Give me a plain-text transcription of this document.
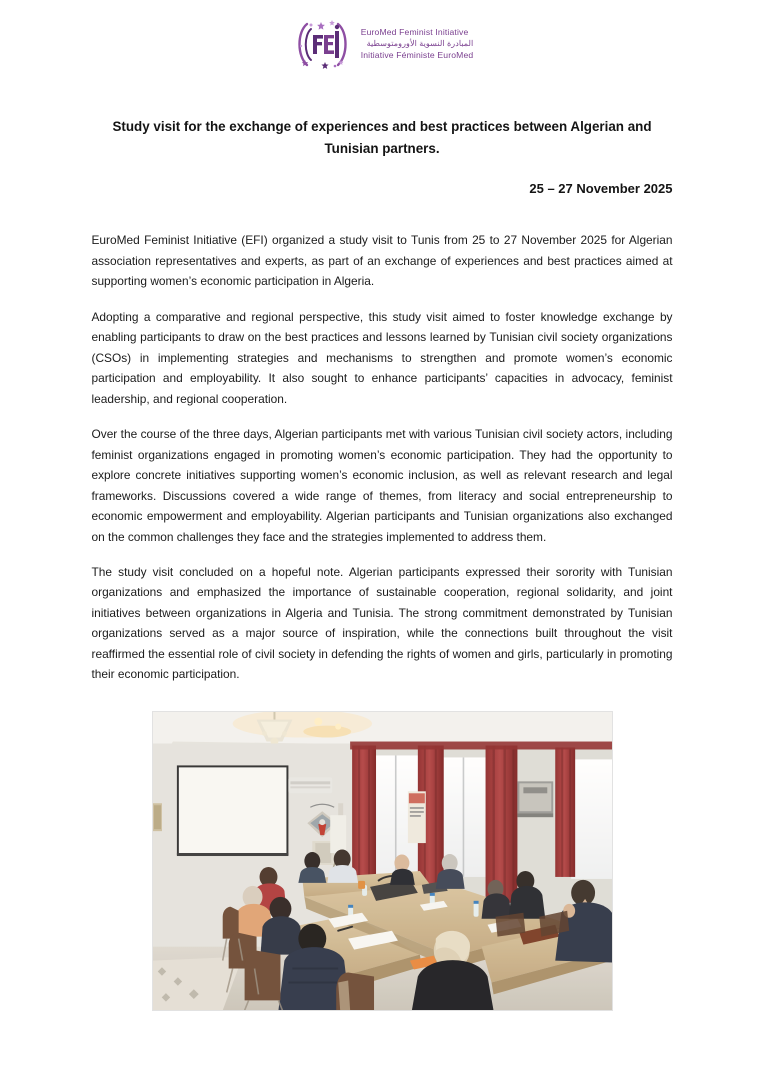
EuroMed Feminist Initiative
المبادرة النسوية الأورومتوسطية
Initiative Féministe EuroMed
Study visit for the exchange of experiences and best practices between Algerian and Tunisian partners.
25 – 27 November 2025

EuroMed Feminist Initiative (EFI) organized a study visit to Tunis from 25 to 27 November 2025 for Algerian association representatives and experts, as part of an exchange of experiences and best practices aimed at supporting women’s economic participation in Algeria.

Adopting a comparative and regional perspective, this study visit aimed to foster knowledge exchange by enabling participants to draw on the best practices and lessons learned by Tunisian civil society organizations (CSOs) in implementing strategies and mechanisms to strengthen and promote women’s economic participation and employability. It also sought to enhance participants’ capacities in advocacy, feminist leadership, and regional cooperation.

Over the course of the three days, Algerian participants met with various Tunisian civil society actors, including feminist organizations engaged in promoting women’s economic participation. They had the opportunity to explore concrete initiatives supporting women’s economic inclusion, as well as relevant research and legal frameworks. Discussions covered a wide range of themes, from literacy and social entrepreneurship to economic empowerment and employability. Algerian participants and Tunisian organizations also exchanged on the common challenges they face and the strategies implemented to address them.

The study visit concluded on a hopeful note. Algerian participants expressed their sorority with Tunisian organizations and emphasized the importance of sustainable cooperation, regional solidarity, and joint initiatives between organizations in Algeria and Tunisia. The strong commitment demonstrated by Tunisian organizations served as a major source of inspiration, while the connections built throughout the visit reaffirmed the essential role of civil society in defending the rights of women and girls, particularly in promoting their economic participation.
